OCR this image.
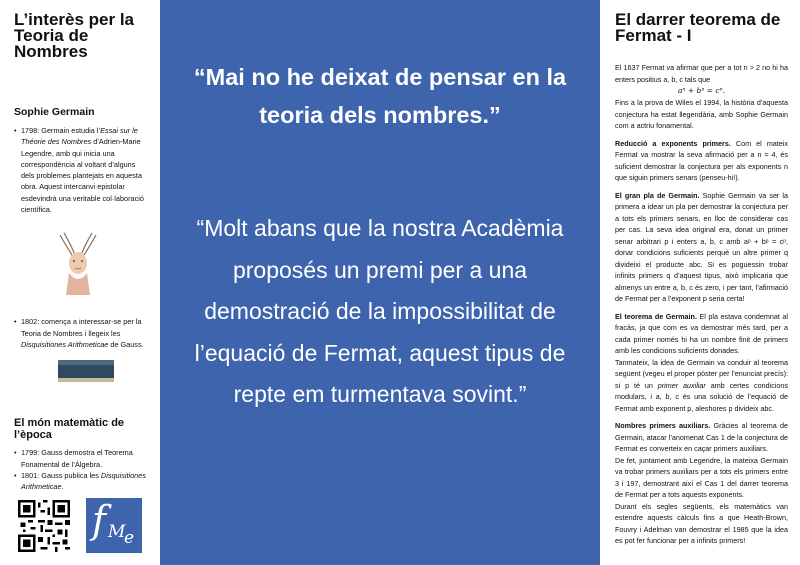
L’interès per la Teoria de Nombres
Sophie Germain
• 1798: Germain estudia l’Essai sur le Théorie des Nombres d’Adrien-Marie Legendre, amb qui inicia una correspondència al voltant d’alguns dels problemes plantejats en aquesta obra. Aquest intercanvi epistolar esdevindrà una veritable col·laboració científica.
• 1802: comença a interessar-se per la Teoria de Nombres i llegeix les Disquisitiones Arithmeticae de Gauss.
El món matemàtic de l’època
• 1799: Gauss demostra el Teorema Fonamental de l’Àlgebra.
• 1801: Gauss publica les Disquisitiones Arithmeticae.
f M
e
“Mai no he deixat de pensar en la teoria dels nombres.”
“Molt abans que la nostra Acadèmia proposés un premi per a una demostració de la impossibilitat de l’equació de Fermat, aquest tipus de repte em turmentava sovint.”
El darrer teorema de Fermat - I
El 1637 Fermat va afirmar que per a tot n > 2 no hi ha enters positius a, b, c tals que
aⁿ + bⁿ = cⁿ.
Fins a la prova de Wiles el 1994, la història d’aquesta conjectura ha estat llegendària, amb Sophie Germain com a actriu fonamental.
Reducció a exponents primers. Com el mateix Fermat va mostrar la seva afirmació per a n = 4, és suficient demostrar la conjectura per als exponents n que siguin primers senars (penseu-hi!).
El gran pla de Germain. Sophie Germain va ser la primera a idear un pla per demostrar la conjectura per a tots els primers senars, en lloc de considerar cas per cas. La seva idea original era, donat un primer senar arbitrari p i enters a, b, c amb aᵖ + bᵖ = cᵖ, donar condicions suficients perquè un altre primer q divideixi el producte abc. Si es poguessin trobar infinits primers q d’aquest tipus, això implicaria que almenys un entre a, b, c és zero, i per tant, l’afirmació de Fermat per a l’exponent p seria certa!
El teorema de Germain. El pla estava condemnat al fracàs, ja que com es va demostrar més tard, per a cada primer només hi ha un nombre finit de primers amb les condicions suficients donades.
Tanmateix, la idea de Germain va conduir al teorema següent (vegeu el proper pòster per l’enunciat precís): si p té un primer auxiliar amb certes condicions modulars, i a, b, c és una solució de l’equació de Fermat amb exponent p, aleshores p divideix abc.
Nombres primers auxiliars. Gràcies al teorema de Germain, atacar l’anomenat Cas 1 de la conjectura de Fermat es converteix en caçar primers auxiliars.
De fet, juntament amb Legendre, la mateixa Germain va trobar primers auxiliars per a tots els primers entre 3 i 197, demostrant així el Cas 1 del darrer teorema de Fermat per a tots aquests exponents.
Durant els segles següents, els matemàtics van estendre aquests càlculs fins a que Heath-Brown, Fouvry i Adelman van demostrar el 1985 que la idea es pot fer funcionar per a infinits primers!
